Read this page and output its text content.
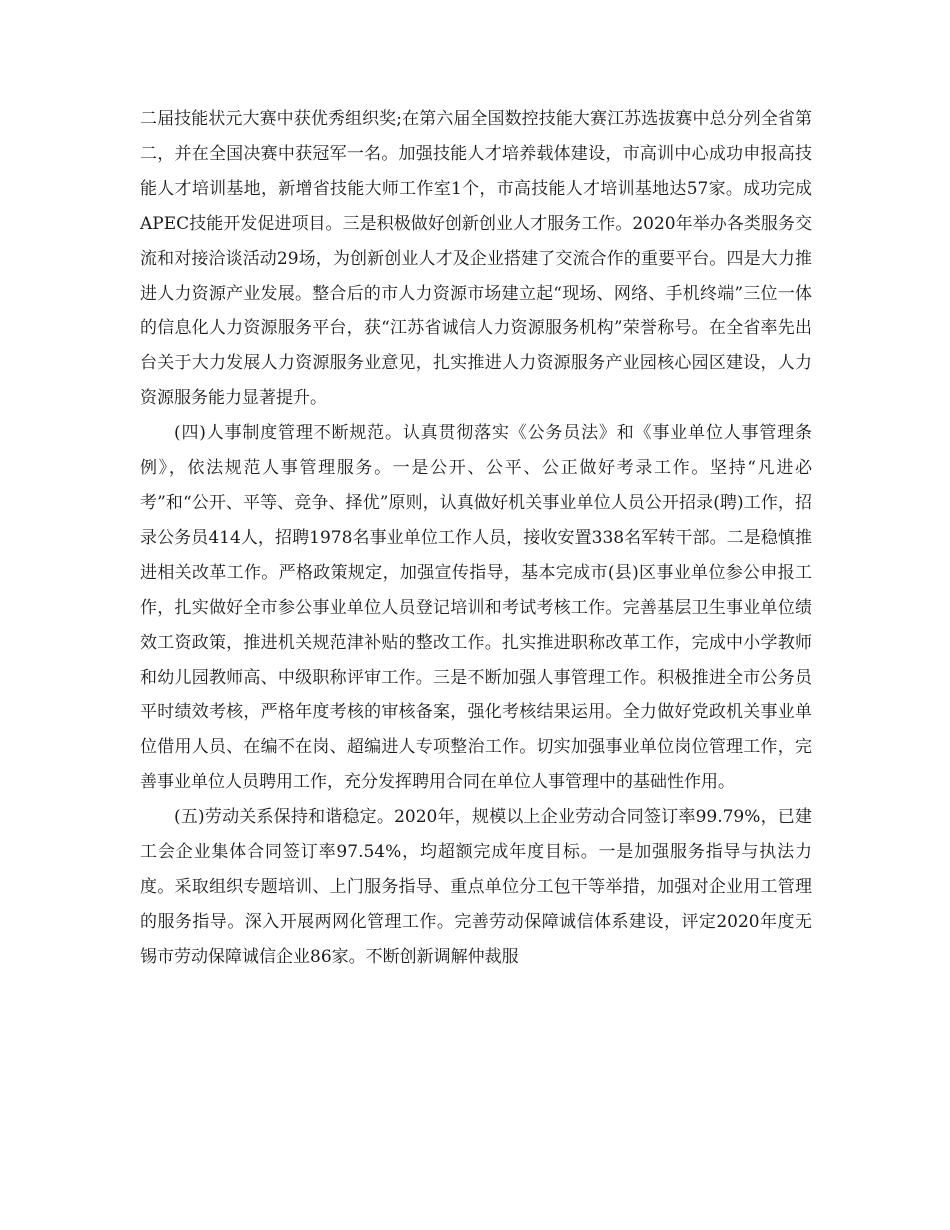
二届技能状元大赛中获优秀组织奖;在第六届全国数控技能大赛江苏选拔赛中总分列全省第二，并在全国决赛中获冠军一名。加强技能人才培养载体建设，市高训中心成功申报高技能人才培训基地，新增省技能大师工作室1个，市高技能人才培训基地达57家。成功完成APEC技能开发促进项目。三是积极做好创新创业人才服务工作。2020年举办各类服务交流和对接洽谈活动29场，为创新创业人才及企业搭建了交流合作的重要平台。四是大力推进人力资源产业发展。整合后的市人力资源市场建立起“现场、网络、手机终端”三位一体的信息化人力资源服务平台，获“江苏省诚信人力资源服务机构”荣誉称号。在全省率先出台关于大力发展人力资源服务业意见，扎实推进人力资源服务产业园核心园区建设，人力资源服务能力显著提升。

(四)人事制度管理不断规范。认真贯彻落实《公务员法》和《事业单位人事管理条例》，依法规范人事管理服务。一是公开、公平、公正做好考录工作。坚持“凡进必考”和“公开、平等、竞争、择优”原则，认真做好机关事业单位人员公开招录(聘)工作，招录公务员414人，招聘1978名事业单位工作人员，接收安置338名军转干部。二是稳慎推进相关改革工作。严格政策规定，加强宣传指导，基本完成市(县)区事业单位参公申报工作，扎实做好全市参公事业单位人员登记培训和考试考核工作。完善基层卫生事业单位绩效工资政策，推进机关规范津补贴的整改工作。扎实推进职称改革工作，完成中小学教师和幼儿园教师高、中级职称评审工作。三是不断加强人事管理工作。积极推进全市公务员平时绩效考核，严格年度考核的审核备案，强化考核结果运用。全力做好党政机关事业单位借用人员、在编不在岗、超编进人专项整治工作。切实加强事业单位岗位管理工作，完善事业单位人员聘用工作，充分发挥聘用合同在单位人事管理中的基础性作用。

(五)劳动关系保持和谐稳定。2020年，规模以上企业劳动合同签订率99.79%，已建工会企业集体合同签订率97.54%，均超额完成年度目标。一是加强服务指导与执法力度。采取组织专题培训、上门服务指导、重点单位分工包干等举措，加强对企业用工管理的服务指导。深入开展两网化管理工作。完善劳动保障诚信体系建设，评定2020年度无锡市劳动保障诚信企业86家。不断创新调解仲裁服
